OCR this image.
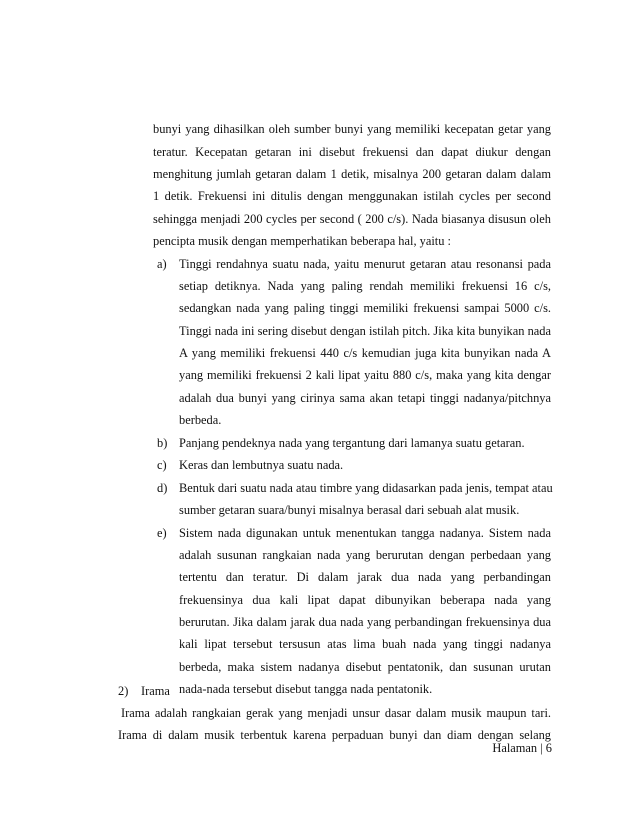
bunyi yang dihasilkan oleh sumber bunyi yang memiliki kecepatan getar yang
teratur. Kecepatan getaran ini disebut frekuensi dan dapat diukur dengan
menghitung jumlah getaran dalam 1 detik, misalnya 200 getaran dalam dalam
1 detik. Frekuensi ini ditulis dengan menggunakan istilah cycles per second
sehingga menjadi 200 cycles per second ( 200 c/s). Nada biasanya disusun oleh
pencipta musik dengan memperhatikan beberapa hal, yaitu :
a) Tinggi rendahnya suatu nada, yaitu menurut getaran atau resonansi pada
setiap detiknya. Nada yang paling rendah memiliki frekuensi 16 c/s,
sedangkan nada yang paling tinggi memiliki frekuensi sampai 5000 c/s.
Tinggi nada ini sering disebut dengan istilah pitch. Jika kita bunyikan nada
A yang memiliki frekuensi 440 c/s kemudian juga kita bunyikan nada A
yang memiliki frekuensi 2 kali lipat yaitu 880 c/s, maka yang kita dengar
adalah dua bunyi yang cirinya sama akan tetapi tinggi nadanya/pitchnya
berbeda.
b) Panjang pendeknya nada yang tergantung dari lamanya suatu getaran.
c) Keras dan lembutnya suatu nada.
d) Bentuk dari suatu nada atau timbre yang didasarkan pada jenis, tempat atau
sumber getaran suara/bunyi misalnya berasal dari sebuah alat musik.
e) Sistem nada digunakan untuk menentukan tangga nadanya. Sistem nada
adalah susunan rangkaian nada yang berurutan dengan perbedaan yang
tertentu dan teratur. Di dalam jarak dua nada yang perbandingan
frekuensinya dua kali lipat dapat dibunyikan beberapa nada yang
berurutan. Jika dalam jarak dua nada yang perbandingan frekuensinya dua
kali lipat tersebut tersusun atas lima buah nada yang tinggi nadanya
berbeda, maka sistem nadanya disebut pentatonik, dan susunan urutan
nada-nada tersebut disebut tangga nada pentatonik.
2) Irama
Irama adalah rangkaian gerak yang menjadi unsur dasar dalam musik maupun tari.
Irama di dalam musik terbentuk karena perpaduan bunyi dan diam dengan selang
Halaman | 6
